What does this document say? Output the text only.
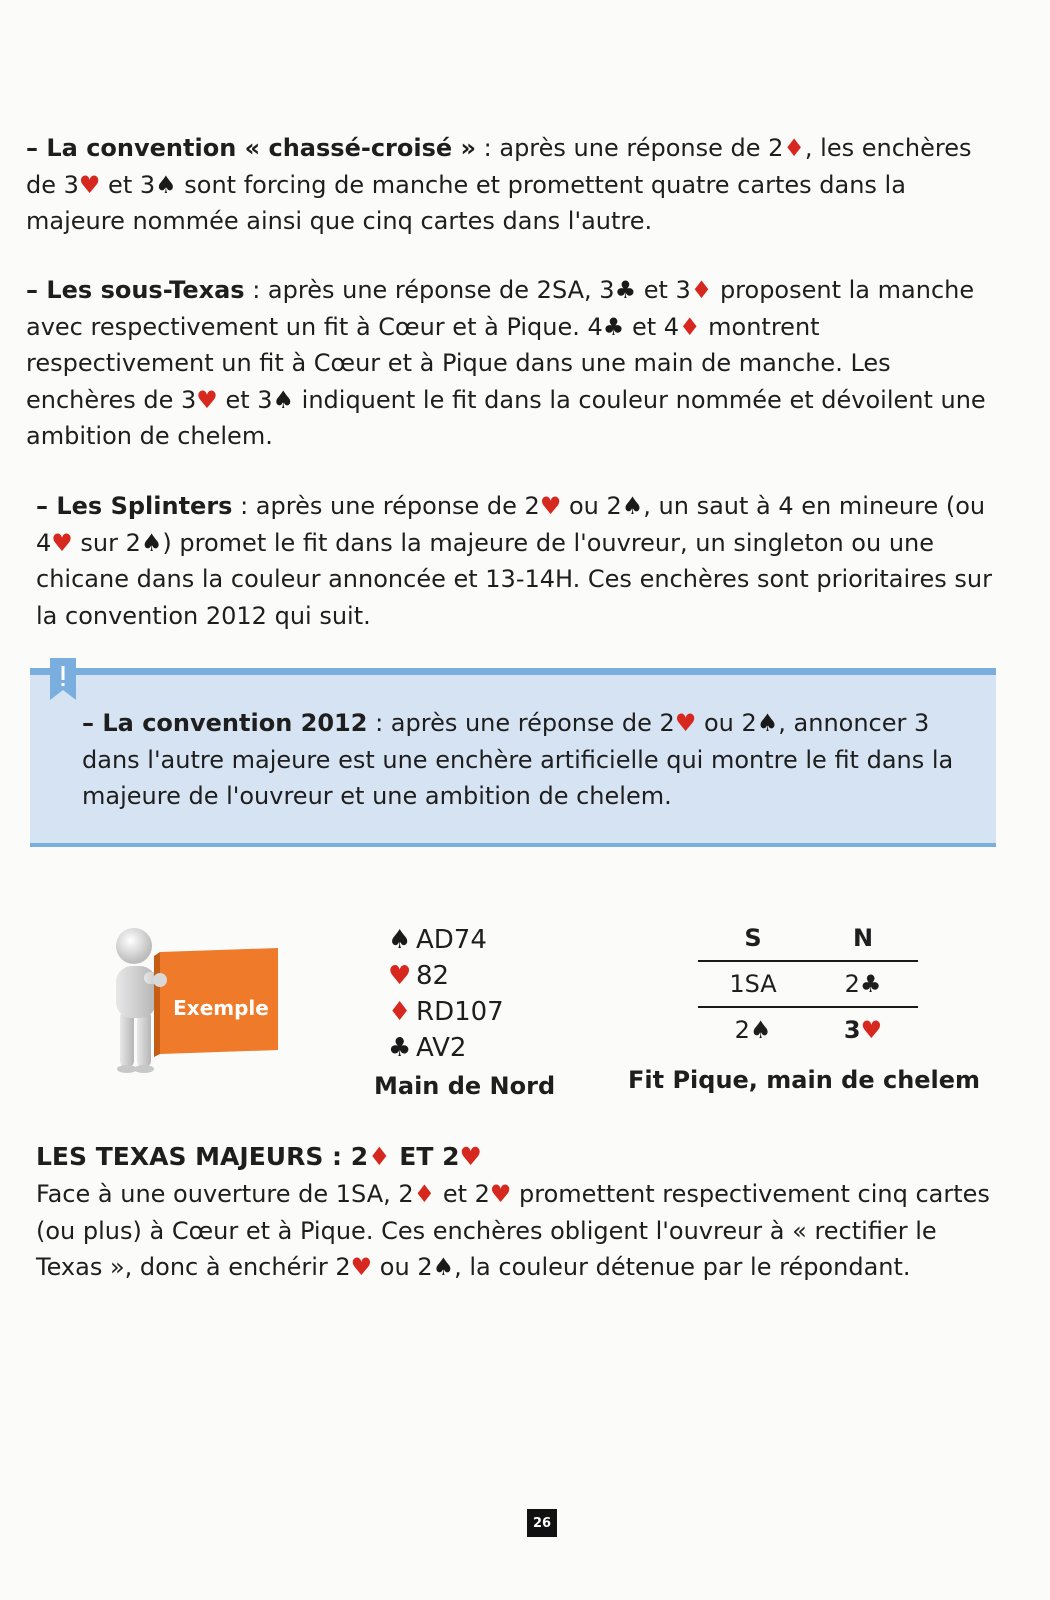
– La convention « chassé-croisé » : après une réponse de 2♦, les enchères de 3♥ et 3♠ sont forcing de manche et promettent quatre cartes dans la majeure nommée ainsi que cinq cartes dans l'autre.

– Les sous-Texas : après une réponse de 2SA, 3♣ et 3♦ proposent la manche avec respectivement un fit à Cœur et à Pique. 4♣ et 4♦ montrent respectivement un fit à Cœur et à Pique dans une main de manche. Les enchères de 3♥ et 3♠ indiquent le fit dans la couleur nommée et dévoilent une ambition de chelem.

– Les Splinters : après une réponse de 2♥ ou 2♠, un saut à 4 en mineure (ou 4♥ sur 2♠) promet le fit dans la majeure de l'ouvreur, un singleton ou une chicane dans la couleur annoncée et 13-14H. Ces enchères sont prioritaires sur la convention 2012 qui suit.

– La convention 2012 : après une réponse de 2♥ ou 2♠, annoncer 3 dans l'autre majeure est une enchère artificielle qui montre le fit dans la majeure de l'ouvreur et une ambition de chelem.

Exemple
♠ AD74
♥ 82
♦ RD107
♣ AV2
Main de Nord
S	N
1SA	2♣
2♠	3♥
Fit Pique, main de chelem
LES TEXAS MAJEURS : 2♦ ET 2♥

Face à une ouverture de 1SA, 2♦ et 2♥ promettent respectivement cinq cartes (ou plus) à Cœur et à Pique. Ces enchères obligent l'ouvreur à « rectifier le Texas », donc à enchérir 2♥ ou 2♠, la couleur détenue par le répondant.

26
